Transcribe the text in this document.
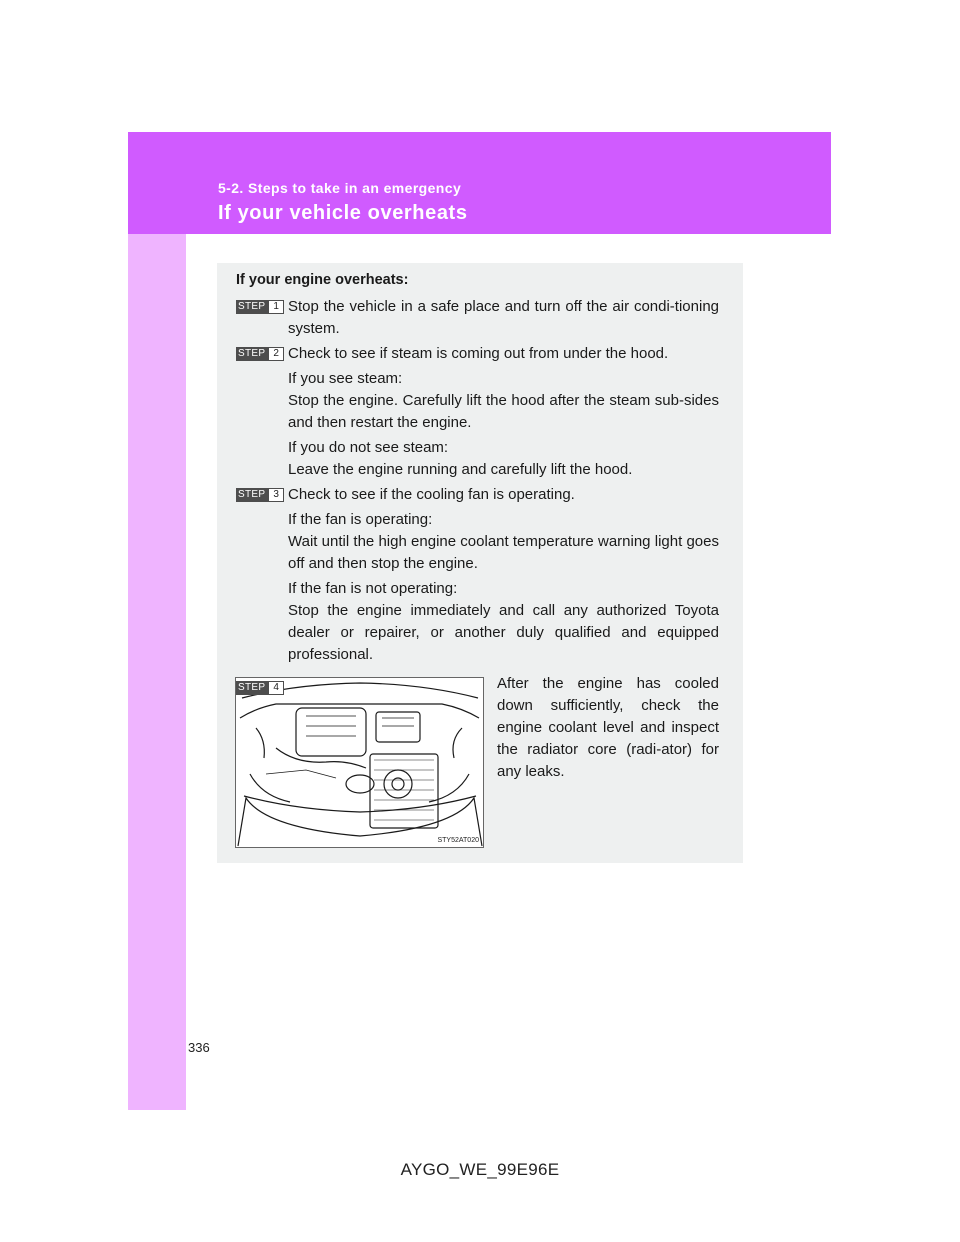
5-2. Steps to take in an emergency
If your vehicle overheats
If your engine overheats:
STEP 1 Stop the vehicle in a safe place and turn off the air condi-tioning system.

STEP 2 Check to see if steam is coming out from under the hood.

If you see steam:

Stop the engine. Carefully lift the hood after the steam sub-sides and then restart the engine.

If you do not see steam:

Leave the engine running and carefully lift the hood.

STEP 3 Check to see if the cooling fan is operating.

If the fan is operating:

Wait until the high engine coolant temperature warning light goes off and then stop the engine.

If the fan is not operating:

Stop the engine immediately and call any authorized Toyota dealer or repairer, or another duly qualified and equipped professional.

STY52AT020
STEP 4	After the engine has cooled down sufficiently, check the engine coolant level and inspect the radiator core (radi-ator) for any leaks.

336
AYGO_WE_99E96E
